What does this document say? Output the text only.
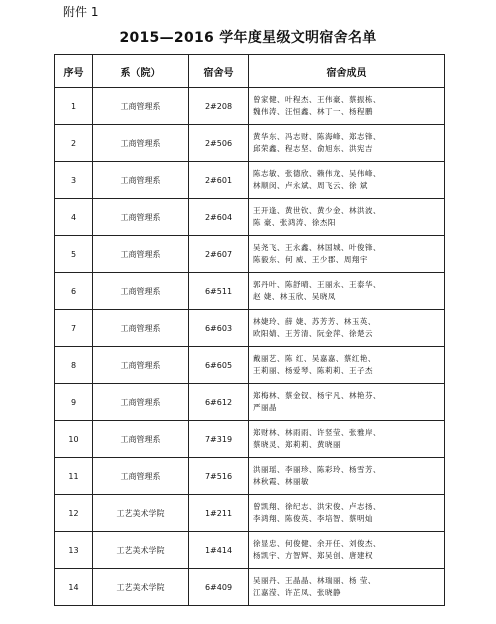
附件 1
2015—2016 学年度星级文明宿舍名单
序号	系（院）	宿舍号	宿舍成员
1	工商管理系	2#208	曾家健、叶程杰、王伟豪、蔡振栋、
魏伟涛、汪恒鑫、林丁一、杨程鹏
2	工商管理系	2#506	黄华东、冯志财、陈海峰、郑志锋、
邱荣鑫、程志坚、俞旭东、洪宪吉
3	工商管理系	2#601	陈志敏、张德欣、赖伟龙、吴伟峰、
林顺闵、卢永斌、周飞云、徐 斌
4	工商管理系	2#604	王开逢、黄世钦、黄少金、林洪波、
陈 豪、张鸿涛、徐杰阳
5	工商管理系	2#607	吴尧飞、王永鑫、林国城、叶俊锋、
陈毅东、何 威、王少郡、周翔宇
6	工商管理系	6#511	郭丹叶、陈舒晴、王丽永、王泰华、
赵 婕、林玉欣、吴晓凤
7	工商管理系	6#603	林婕玲、薛 婕、苏芳芳、林玉英、
欧阳婧、王芳清、阮金萍、徐楚云
8	工商管理系	6#605	戴丽艺、陈 红、吴嘉嘉、蔡红艳、
王莉丽、杨爱琴、陈莉莉、王子杰
9	工商管理系	6#612	郑梅林、蔡金钗、杨宇凡、林艳芬、
严丽晶
10	工商管理系	7#319	郑财林、林雨雨、许竖莹、张雅岸、
蔡晓灵、郑莉莉、黄晓丽
11	工商管理系	7#516	洪丽瑶、李丽珍、陈彩玲、杨雪芳、
林秋霞、林丽敏
12	工艺美术学院	1#211	曾凯翔、徐纪志、洪宋俊、卢志扬、
李鸿翔、陈俊英、李培智、蔡明灿
13	工艺美术学院	1#414	徐显忠、何俊健、余开任、刘俊杰、
杨凯宇、方智辉、郑吴创、唐建权
14	工艺美术学院	6#409	吴丽丹、王晶晶、林瑞丽、杨 莹、
江嘉滢、许芷凤、张晓静
